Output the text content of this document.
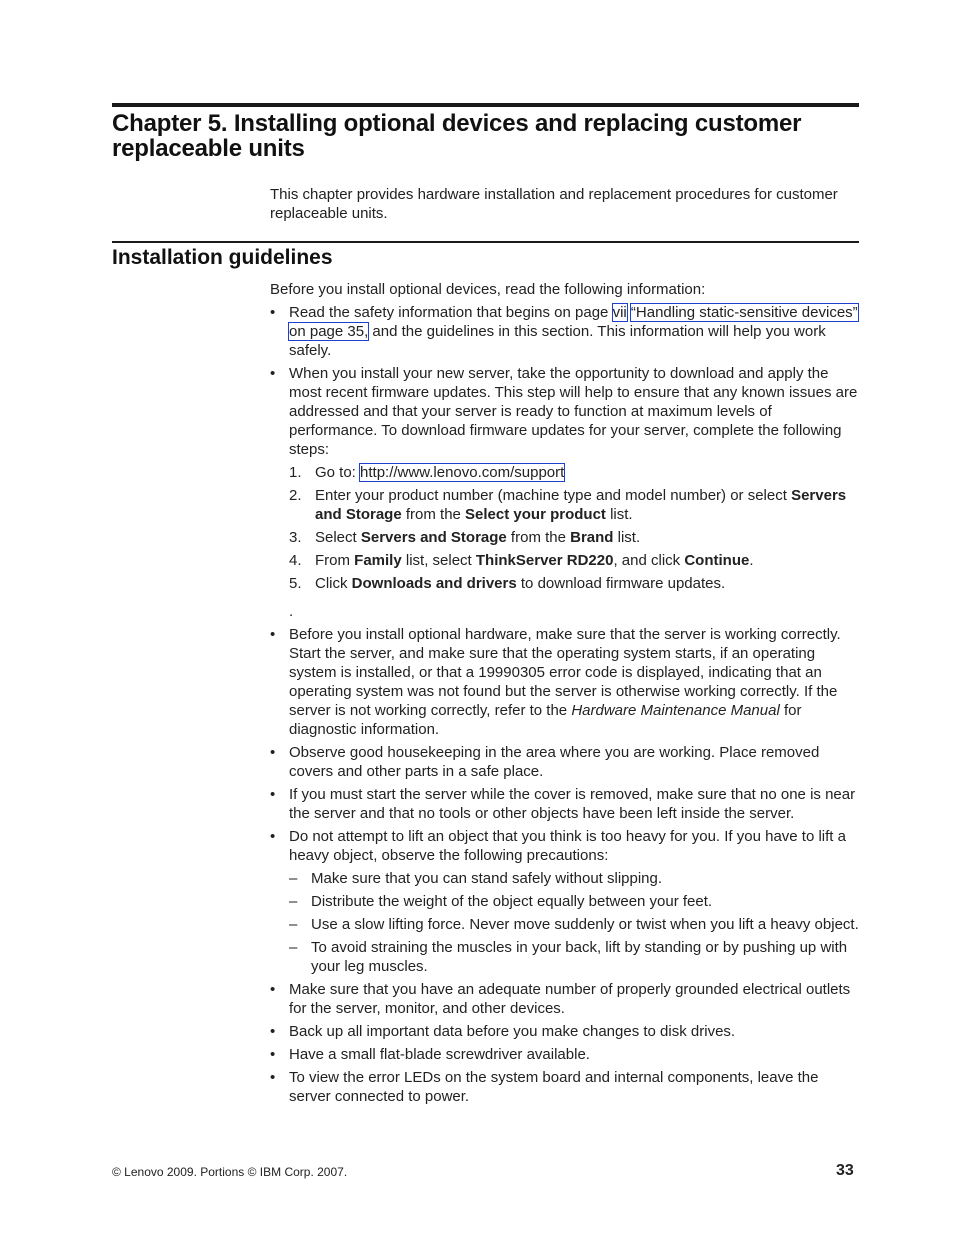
Chapter 5. Installing optional devices and replacing customer replaceable units

This chapter provides hardware installation and replacement procedures for customer replaceable units.

Installation guidelines

Before you install optional devices, read the following information:

• Read the safety information that begins on page vii “Handling static-sensitive devices” on page 35, and the guidelines in this section. This information will help you work safely.
• When you install your new server, take the opportunity to download and apply the most recent firmware updates. This step will help to ensure that any known issues are addressed and that your server is ready to function at maximum levels of performance. To download firmware updates for your server, complete the following steps:
1. Go to: http://www.lenovo.com/support
2. Enter your product number (machine type and model number) or select Servers and Storage from the Select your product list.
3. Select Servers and Storage from the Brand list.
4. From Family list, select ThinkServer RD220, and click Continue.
5. Click Downloads and drivers to download firmware updates.
.
• Before you install optional hardware, make sure that the server is working correctly. Start the server, and make sure that the operating system starts, if an operating system is installed, or that a 19990305 error code is displayed, indicating that an operating system was not found but the server is otherwise working correctly. If the server is not working correctly, refer to the Hardware Maintenance Manual for diagnostic information.
• Observe good housekeeping in the area where you are working. Place removed covers and other parts in a safe place.
• If you must start the server while the cover is removed, make sure that no one is near the server and that no tools or other objects have been left inside the server.
• Do not attempt to lift an object that you think is too heavy for you. If you have to lift a heavy object, observe the following precautions:
– Make sure that you can stand safely without slipping.
– Distribute the weight of the object equally between your feet.
– Use a slow lifting force. Never move suddenly or twist when you lift a heavy object.
– To avoid straining the muscles in your back, lift by standing or by pushing up with your leg muscles.
• Make sure that you have an adequate number of properly grounded electrical outlets for the server, monitor, and other devices.
• Back up all important data before you make changes to disk drives.
• Have a small flat-blade screwdriver available.
• To view the error LEDs on the system board and internal components, leave the server connected to power.
© Lenovo 2009. Portions © IBM Corp. 2007.	33
